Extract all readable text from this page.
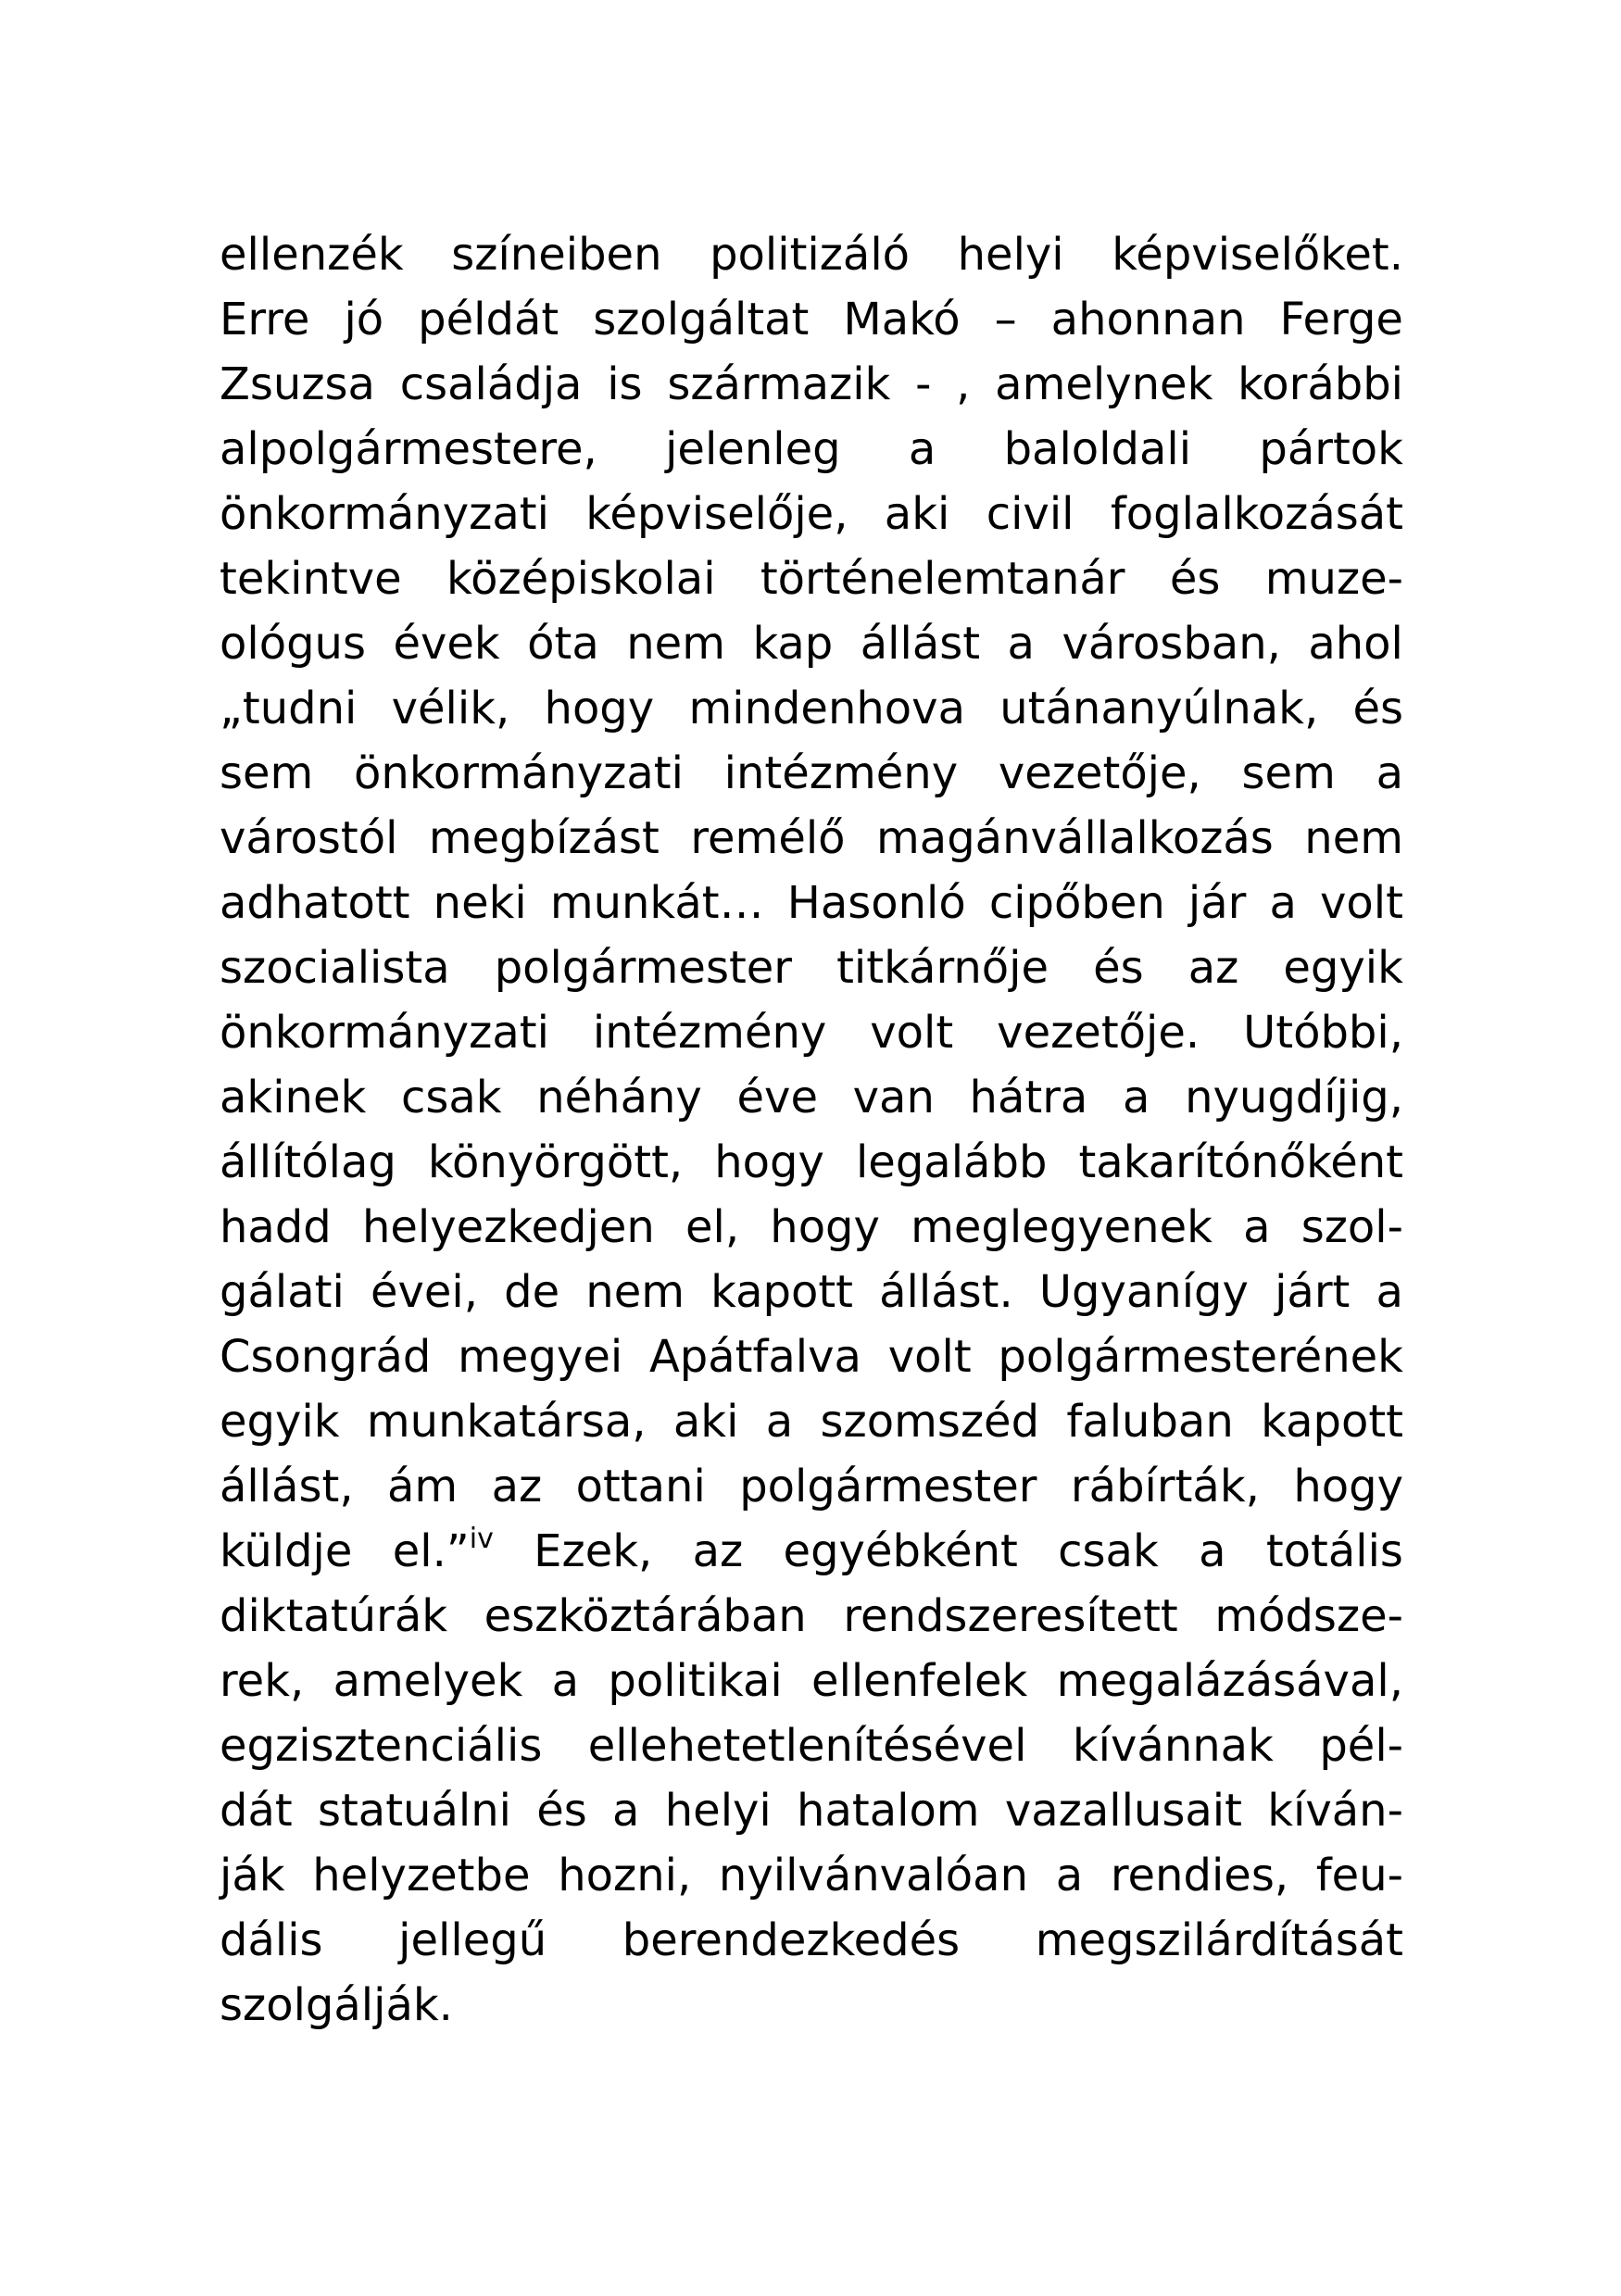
ellenzék színeiben politizáló helyi képviselőket.
Erre jó példát szolgáltat Makó – ahonnan Ferge
Zsuzsa családja is származik - , amelynek korábbi
alpolgármestere, jelenleg a baloldali pártok
önkormányzati képviselője, aki civil foglalkozását
tekintve középiskolai történelemtanár és muze-
ológus évek óta nem kap állást a városban, ahol
„tudni vélik, hogy mindenhova utánanyúlnak, és
sem önkormányzati intézmény vezetője, sem a
várostól megbízást remélő magánvállalkozás nem
adhatott neki munkát… Hasonló cipőben jár a volt
szocialista polgármester titkárnője és az egyik
önkormányzati intézmény volt vezetője. Utóbbi,
akinek csak néhány éve van hátra a nyugdíjig,
állítólag könyörgött, hogy legalább takarítónőként
hadd helyezkedjen el, hogy meglegyenek a szol-
gálati évei, de nem kapott állást. Ugyanígy járt a
Csongrád megyei Apátfalva volt polgármesterének
egyik munkatársa, aki a szomszéd faluban kapott
állást, ám az ottani polgármester rábírták, hogy
küldje el.”$^{iv}$ Ezek, az egyébként csak a totális
diktatúrák eszköztárában rendszeresített módsze-
rek, amelyek a politikai ellenfelek megalázásával,
egzisztenciális ellehetetlenítésével kívánnak pél-
dát statuálni és a helyi hatalom vazallusait kíván-
ják helyzetbe hozni, nyilvánvalóan a rendies, feu-
dális jellegű berendezkedés megszilárdítását
szolgálják.
